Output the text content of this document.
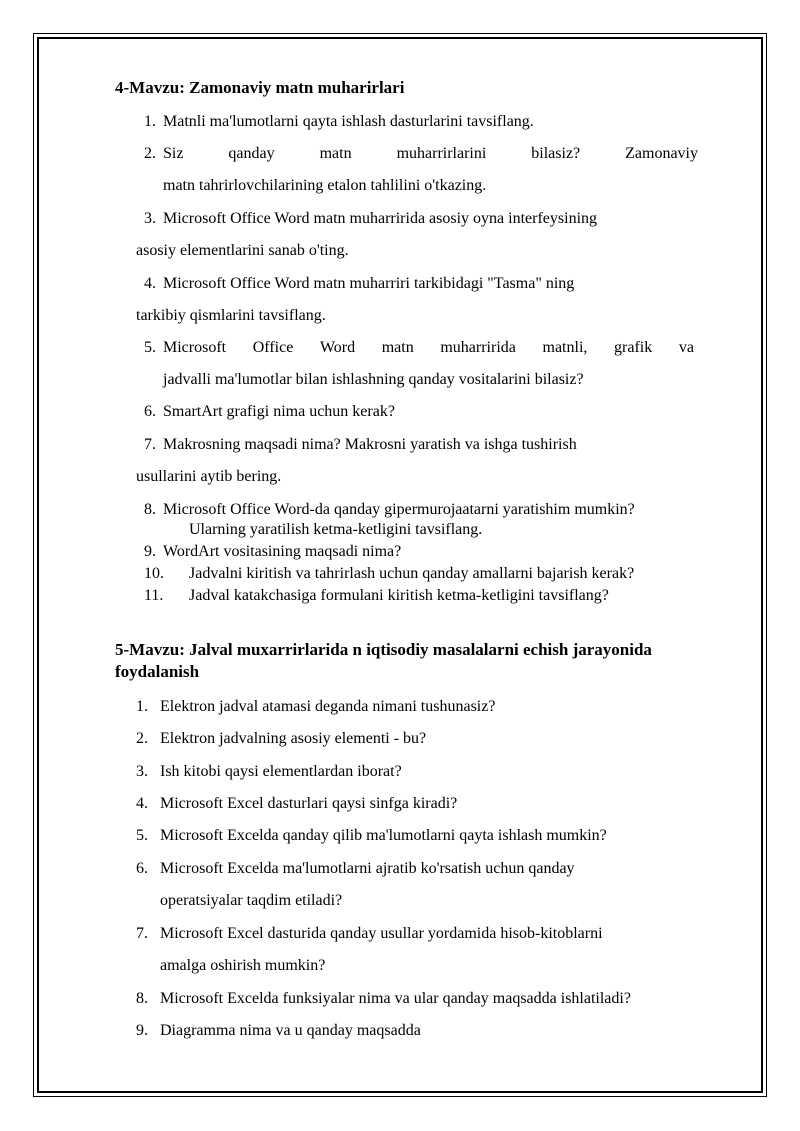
4-Mavzu: Zamonaviy matn muharirlari
1. Matnli ma'lumotlarni qayta ishlash dasturlarini tavsiflang.
2. Siz	qanday	matn	muharrirlarini	bilasiz?	Zamonaviy
matn tahrirlovchilarining etalon tahlilini o'tkazing.
3. Microsoft Office Word matn muharririda asosiy oyna interfeysining
asosiy elementlarini sanab o'ting.
4. Microsoft Office Word matn muharriri tarkibidagi "Tasma" ning
tarkibiy qismlarini tavsiflang.
5. Microsoft Office Word matn muharririda matnli, grafik va
jadvalli ma'lumotlar bilan ishlashning qanday vositalarini bilasiz?
6. SmartArt grafigi nima uchun kerak?
7. Makrosning maqsadi nima? Makrosni yaratish va ishga tushirish
usullarini aytib bering.
8. Microsoft Office Word-da qanday gipermurojaatarni yaratishim mumkin?
Ularning yaratilish ketma-ketligini tavsiflang.
9. WordArt vositasining maqsadi nima?
10. Jadvalni kiritish va tahrirlash uchun qanday amallarni bajarish kerak?
11. Jadval katakchasiga formulani kiritish ketma-ketligini tavsiflang?
5-Mavzu: Jalval muxarrirlarida n iqtisodiy masalalarni echish jarayonida
foydalanish
1. Elektron jadval atamasi deganda nimani tushunasiz?
2. Elektron jadvalning asosiy elementi - bu?
3. Ish kitobi qaysi elementlardan iborat?
4. Microsoft Excel dasturlari qaysi sinfga kiradi?
5. Microsoft Excelda qanday qilib ma'lumotlarni qayta ishlash mumkin?
6. Microsoft Excelda ma'lumotlarni ajratib ko'rsatish uchun qanday
operatsiyalar taqdim etiladi?
7. Microsoft Excel dasturida qanday usullar yordamida hisob-kitoblarni
amalga oshirish mumkin?
8. Microsoft Excelda funksiyalar nima va ular qanday maqsadda ishlatiladi?
9. Diagramma nima va u qanday maqsadda
